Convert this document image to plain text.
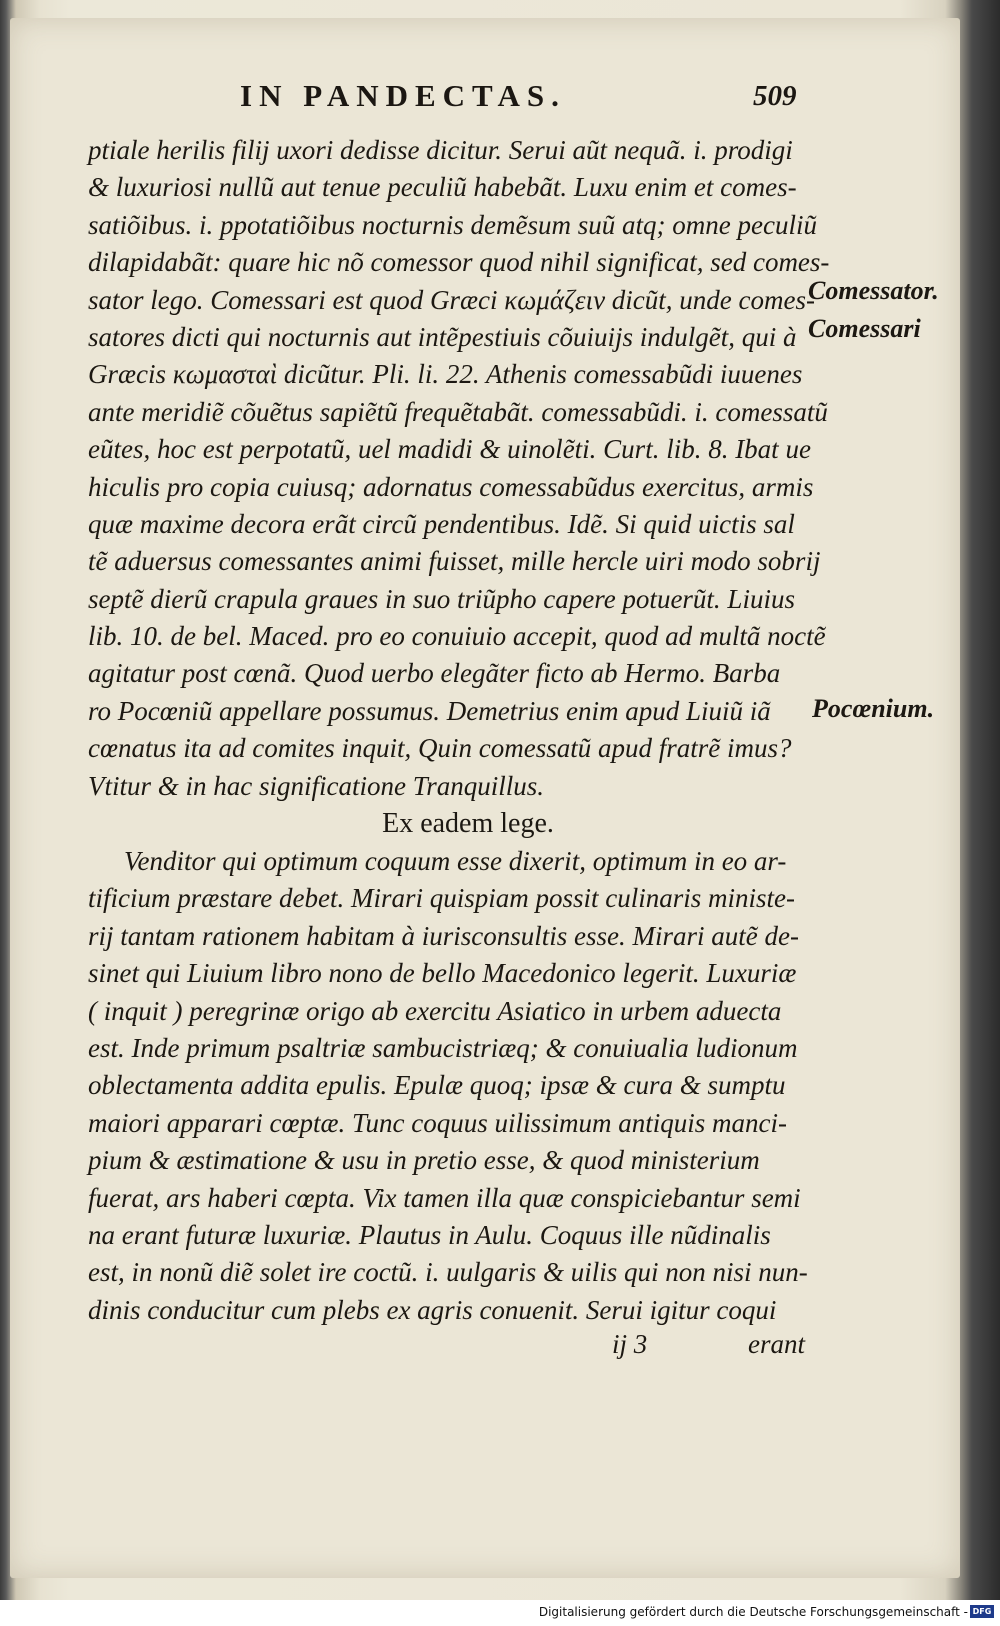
IN PANDECTAS.	509
ptiale herilis filij uxori dedisse dicitur. Serui aũt nequã. i. prodigi
& luxuriosi nullũ aut tenue peculiũ habebãt. Luxu enim et comes-
satiõibus. i. ppotatiõibus nocturnis demẽsum suũ atq; omne peculiũ
dilapidabãt: quare hic nõ comessor quod nihil significat, sed comes-
sator lego. Comessari est quod Græci κωμάζειν dicũt, unde comes-
satores dicti qui nocturnis aut intẽpestiuis cõuiuijs indulgẽt, qui à
Græcis κωμασταὶ dicũtur. Pli. li. 22. Athenis comessabũdi iuuenes
ante meridiẽ cõuẽtus sapiẽtũ frequẽtabãt. comessabũdi. i. comessatũ
eũtes, hoc est perpotatũ, uel madidi & uinolẽti. Curt. lib. 8. Ibat ue
hiculis pro copia cuiusq; adornatus comessabũdus exercitus, armis
quæ maxime decora erãt circũ pendentibus. Idẽ. Si quid uictis sal
tẽ aduersus comessantes animi fuisset, mille hercle uiri modo sobrij
septẽ dierũ crapula graues in suo triũpho capere potuerũt. Liuius
lib. 10. de bel. Maced. pro eo conuiuio accepit, quod ad multã noctẽ
agitatur post cœnã. Quod uerbo elegãter ficto ab Hermo. Barba
ro Pocœniũ appellare possumus. Demetrius enim apud Liuiũ iã
cœnatus ita ad comites inquit, Quin comessatũ apud fratrẽ imus?
Vtitur & in hac significatione Tranquillus.
Ex eadem lege.
Venditor qui optimum coquum esse dixerit, optimum in eo ar-
tificium præstare debet. Mirari quispiam possit culinaris ministe-
rij tantam rationem habitam à iurisconsultis esse. Mirari autẽ de-
sinet qui Liuium libro nono de bello Macedonico legerit. Luxuriæ
( inquit ) peregrinæ origo ab exercitu Asiatico in urbem aduecta
est. Inde primum psaltriæ sambucistriæq; & conuiualia ludionum
oblectamenta addita epulis. Epulæ quoq; ipsæ & cura & sumptu
maiori apparari cœptæ. Tunc coquus uilissimum antiquis manci-
pium & æstimatione & usu in pretio esse, & quod ministerium
fuerat, ars haberi cœpta. Vix tamen illa quæ conspiciebantur semi
na erant futuræ luxuriæ. Plautus in Aulu. Coquus ille nũdinalis
est, in nonũ diẽ solet ire coctũ. i. uulgaris & uilis qui non nisi nun-
dinis conducitur cum plebs ex agris conuenit. Serui igitur coqui
Comessator.
Comessari
Pocœnium.
ij 3	erant
Digitalisierung gefördert durch die Deutsche Forschungsgemeinschaft - DFG
